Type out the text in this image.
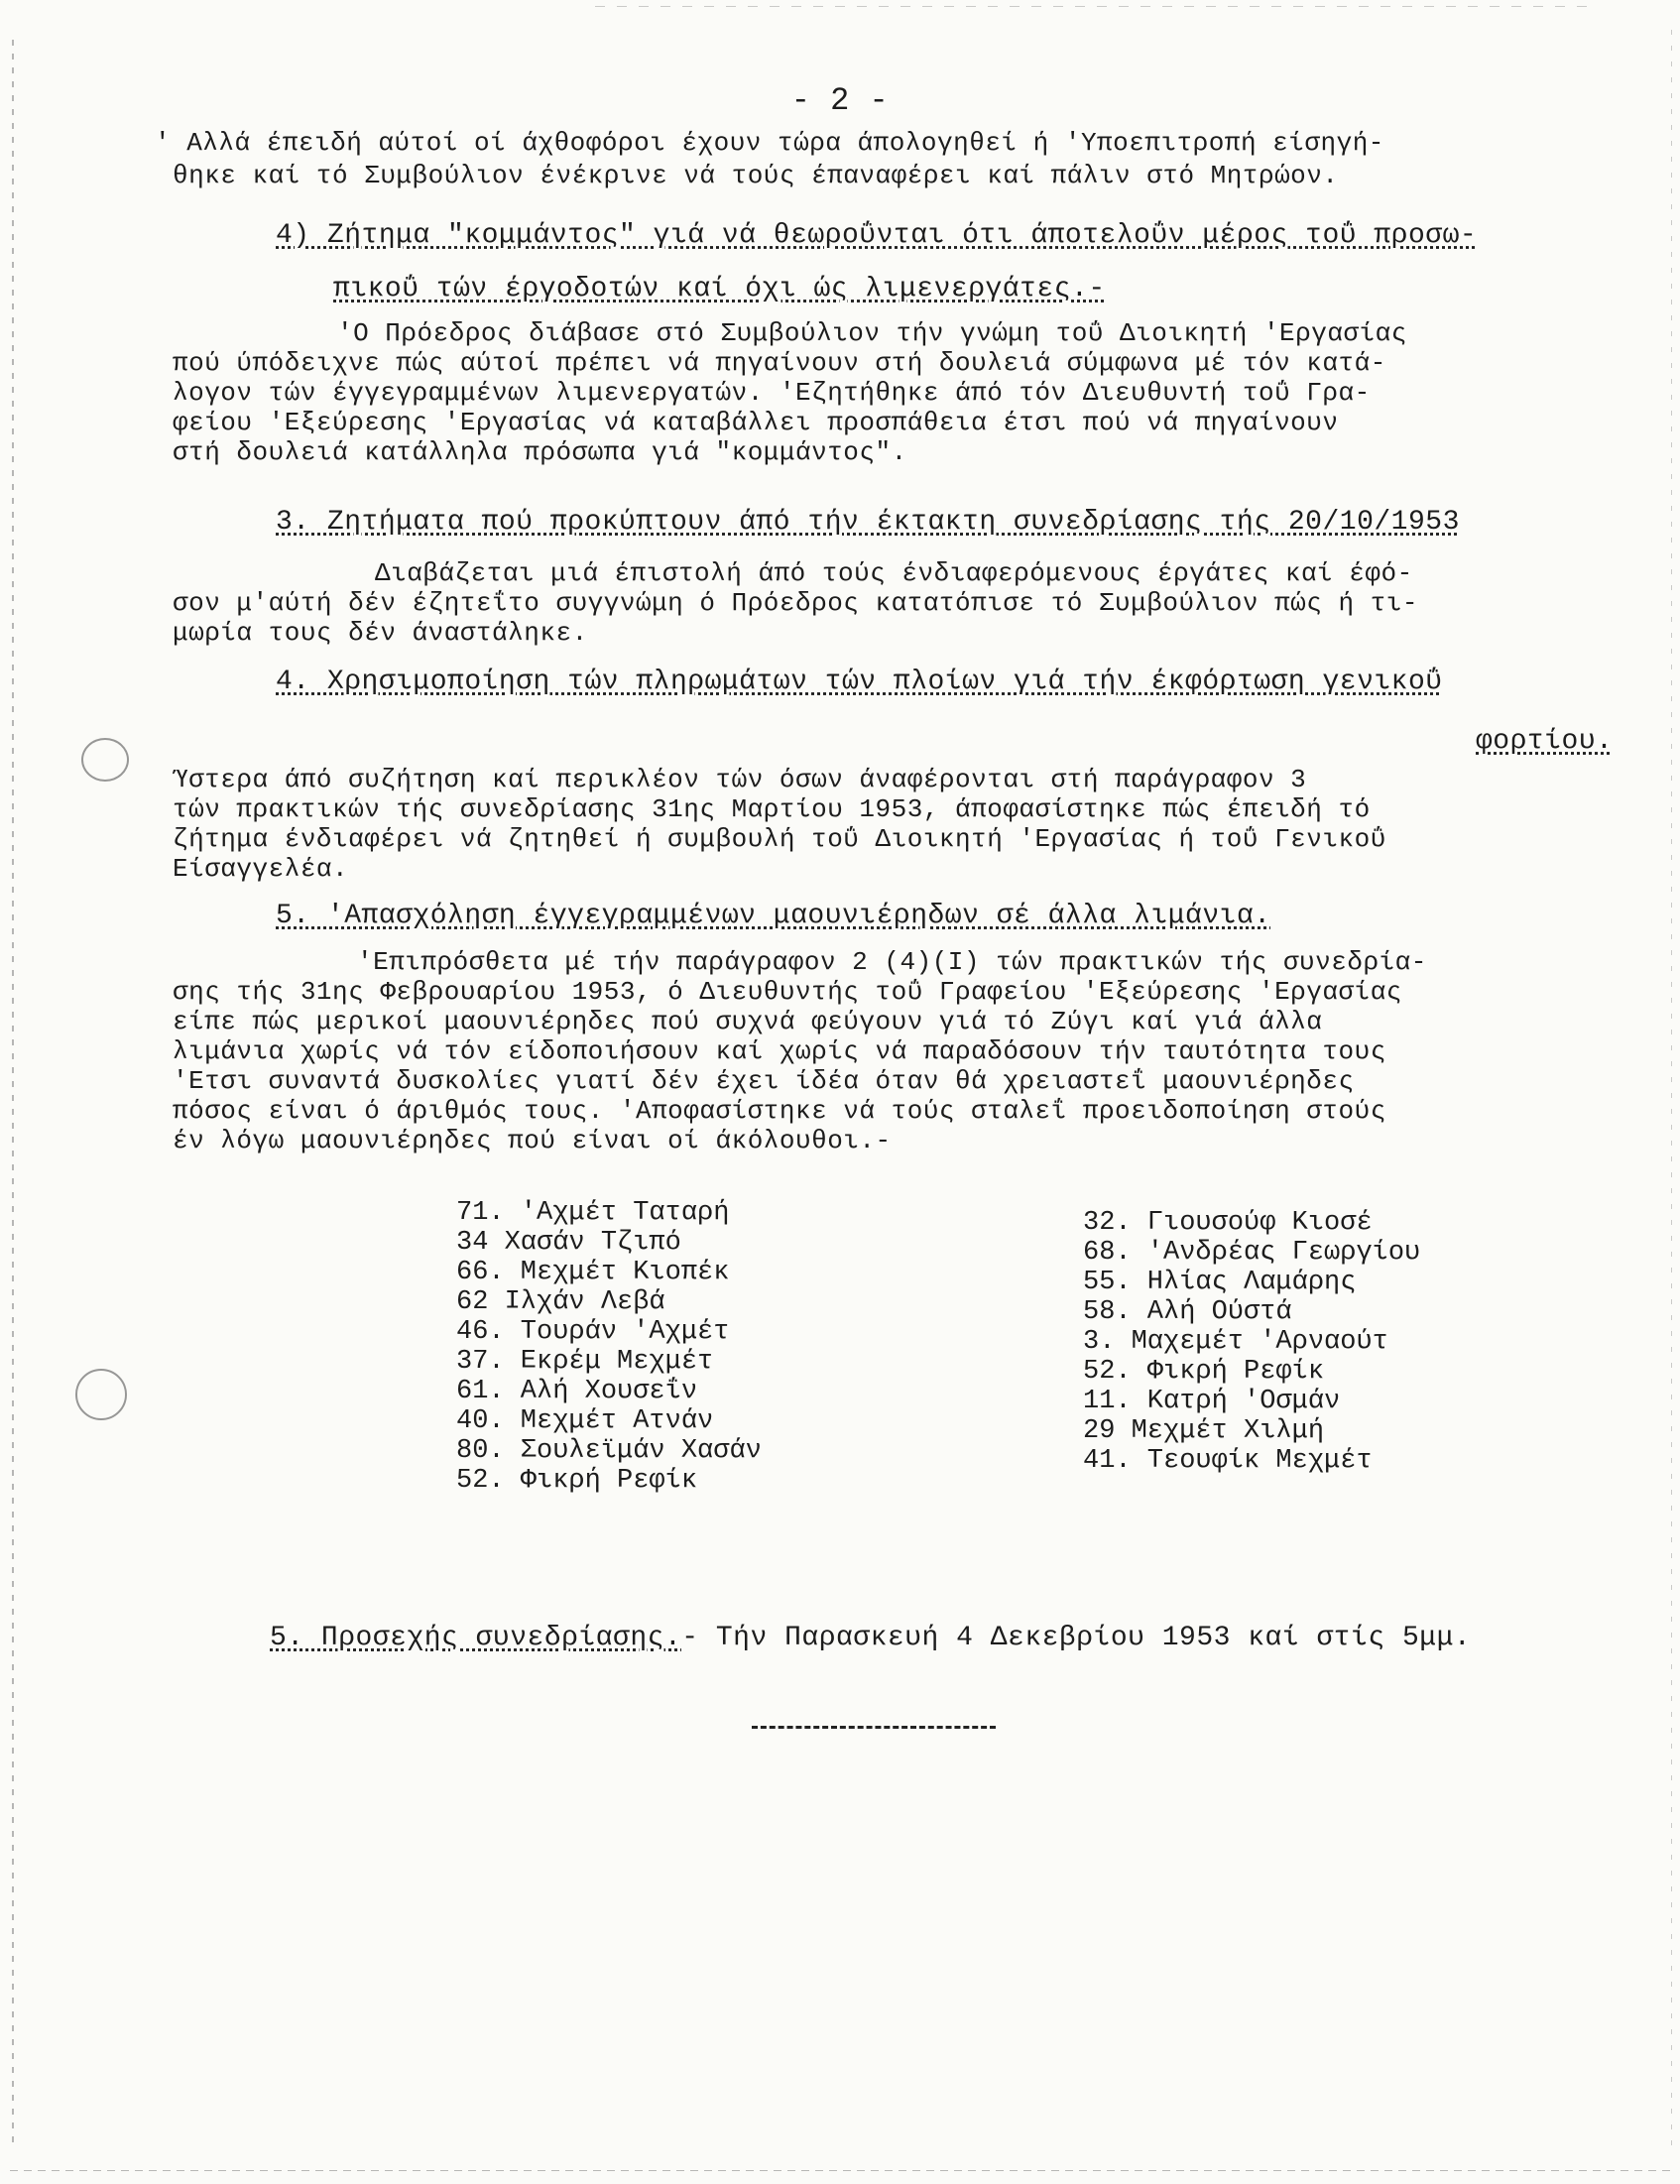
- 2 -
' Αλλά έπειδή αύτοί οί άχθοφόροι έχουν τώρα άπολογηθεί ή 'Υποεπιτροπή είσηγή-
θηκε καί τό Συμβούλιον ένέκρινε νά τούς έπαναφέρει καί πάλιν στό Μητρώον.
4) Ζήτημα "κομμάντος" γιά νά θεωροΰνται ότι άποτελοΰν μέρος τοΰ προσω-
πικοΰ τών έργοδοτών καί όχι ώς λιμενεργάτες.-
'Ο Πρόεδρος διάβασε στό Συμβούλιον τήν γνώμη τοΰ Διοικητή 'Εργασίας
πού ύπόδειχνε πώς αύτοί πρέπει νά πηγαίνουν στή δουλειά σύμφωνα μέ τόν κατά-
λογον τών έγγεγραμμένων λιμενεργατών. 'Εζητήθηκε άπό τόν Διευθυντή τοΰ Γρα-
φείου 'Εξεύρεσης 'Εργασίας νά καταβάλλει προσπάθεια έτσι πού νά πηγαίνουν
στή δουλειά κατάλληλα πρόσωπα γιά "κομμάντος".
3. Ζητήματα πού προκύπτουν άπό τήν έκτακτη συνεδρίασης τής 20/10/1953
Διαβάζεται μιά έπιστολή άπό τούς ένδιαφερόμενους έργάτες καί έφό-
σον μ'αύτή δέν έζητεΐτο συγγνώμη ό Πρόεδρος κατατόπισε τό Συμβούλιον πώς ή τι-
μωρία τους δέν άναστάληκε.
4. Χρησιμοποίηση τών πληρωμάτων τών πλοίων γιά τήν έκφόρτωση γενικοΰ
φορτίου.
Ύστερα άπό συζήτηση καί περικλέον τών όσων άναφέρονται στή παράγραφον 3
τών πρακτικών τής συνεδρίασης 31ης Μαρτίου 1953, άποφασίστηκε πώς έπειδή τό
ζήτημα ένδιαφέρει νά ζητηθεί ή συμβουλή τοΰ Διοικητή 'Εργασίας ή τοΰ Γενικοΰ
Είσαγγελέα.
5. 'Απασχόληση έγγεγραμμένων μαουνιέρηδων σέ άλλα λιμάνια.
'Επιπρόσθετα μέ τήν παράγραφον 2 (4)(Ι) τών πρακτικών τής συνεδρία-
σης τής 31ης Φεβρουαρίου 1953, ό Διευθυντής τοΰ Γραφείου 'Εξεύρεσης 'Εργασίας
είπε πώς μερικοί μαουνιέρηδες πού συχνά φεύγουν γιά τό Ζύγι καί γιά άλλα
λιμάνια χωρίς νά τόν είδοποιήσουν καί χωρίς νά παραδόσουν τήν ταυτότητα τους
'Ετσι συναντά δυσκολίες γιατί δέν έχει ίδέα όταν θά χρειαστεΐ μαουνιέρηδες
πόσος είναι ό άριθμός τους. 'Αποφασίστηκε νά τούς σταλεΐ προειδοποίηση στούς
έν λόγω μαουνιέρηδες πού είναι οί άκόλουθοι.-
71. 'Αχμέτ Ταταρή
34 Χασάν Τζιπό
66. Μεχμέτ Κιοπέκ
62 Ιλχάν Λεβά
46. Τουράν 'Αχμέτ
37. Εκρέμ Μεχμέτ
61. Αλή Χουσεΐν
40. Μεχμέτ Ατνάν
80. Σουλεϊμάν Χασάν
52. Φικρή Ρεφίκ
32. Γιουσούφ Κιοσέ
68. 'Ανδρέας Γεωργίου
55. Ηλίας Λαμάρης
58. Αλή Ούστά
3. Μαχεμέτ 'Αρναούτ
52. Φικρή Ρεφίκ
11. Κατρή 'Οσμάν
29 Μεχμέτ Χιλμή
41. Τεουφίκ Μεχμέτ
5. Προσεχής συνεδρίασης.- Τήν Παρασκευή 4 Δεκεβρίου 1953 καί στίς 5μμ.
